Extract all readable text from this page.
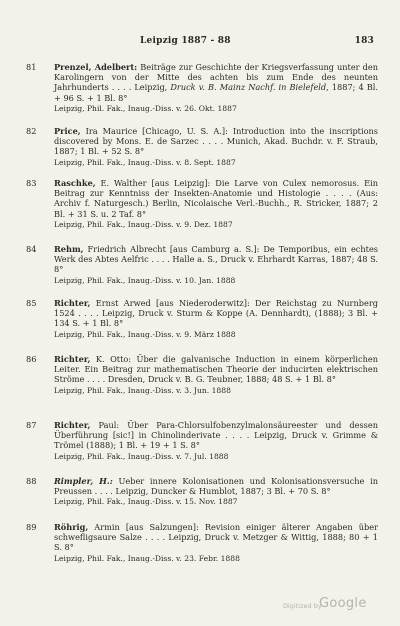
Leipzig 1887 - 88	183
81 Prenzel, Adelbert: Beiträge zur Geschichte der Kriegsverfassung unter den Karolingern von der Mitte des achten bis zum Ende des neunten Jahrhunderts . . . . Leipzig, Druck v. B. Mainz Nachf. in Bielefeld, 1887; 4 Bl. + 96 S. + 1 Bl. 8°
Leipzig, Phil. Fak., Inaug.-Diss. v. 26. Okt. 1887
82 Price, Ira Maurice [Chicago, U. S. A.]: Introduction into the inscriptions discovered by Mons. E. de Sarzec . . . . Munich, Akad. Buchdr. v. F. Straub, 1887; 1 Bl. + 52 S. 8°
Leipzig, Phil. Fak., Inaug.-Diss. v. 8. Sept. 1887
83 Raschke, E. Walther [aus Leipzig]: Die Larve von Culex nemorosus. Ein Beitrag zur Kenntniss der Insekten-Anatomie und Histologie . . . . (Aus: Archiv f. Naturgesch.) Berlin, Nicolaische Verl.-Buchh., R. Stricker, 1887; 2 Bl. + 31 S. u. 2 Taf. 8°
Leipzig, Phil. Fak., Inaug.-Diss. v. 9. Dez. 1887
84 Rehm, Friedrich Albrecht [aus Camburg a. S.]: De Temporibus, ein echtes Werk des Abtes Aelfric . . . . Halle a. S., Druck v. Ehrhardt Karras, 1887; 48 S. 8°
Leipzig, Phil. Fak., Inaug.-Diss. v. 10. Jan. 1888
85 Richter, Ernst Arwed [aus Niederoderwitz]: Der Reichstag zu Nurnberg 1524 . . . . Leipzig, Druck v. Sturm & Koppe (A. Dennhardt), (1888); 3 Bl. + 134 S. + 1 Bl. 8°
Leipzig, Phil. Fak., Inaug.-Diss. v. 9. März 1888
86 Richter, K. Otto: Über die galvanische Induction in einem körperlichen Leiter. Ein Beitrag zur mathematischen Theorie der inducirten elektrischen Ströme . . . . Dresden, Druck v. B. G. Teubner, 1888; 48 S. + 1 Bl. 8°
Leipzig, Phil. Fak., Inaug.-Diss. v. 3. Jun. 1888
87 Richter, Paul: Über Para-Chlorsulfobenzylmalonsäureester und dessen Überführung [sic!] in Chinolinderivate . . . . Leipzig, Druck v. Grimme & Trömel (1888); 1 Bl. + 19 + 1 S. 8°
Leipzig, Phil. Fak., Inaug.-Diss. v. 7. Jul. 1888
88 Rimpler, H.: Ueber innere Kolonisationen und Kolonisationsversuche in Preussen . . . . Leipzig, Duncker & Humblot, 1887; 3 Bl. + 70 S. 8°
Leipzig, Phil. Fak., Inaug.-Diss. v. 15. Nov. 1887
89 Röhrig, Armin [aus Salzungen]: Revision einiger älterer Angaben über schwefligsaure Salze . . . . Leipzig, Druck v. Metzger & Wittig, 1888; 80 + 1 S. 8°
Leipzig, Phil. Fak., Inaug.-Diss. v. 23. Febr. 1888
Digitized by
Google
